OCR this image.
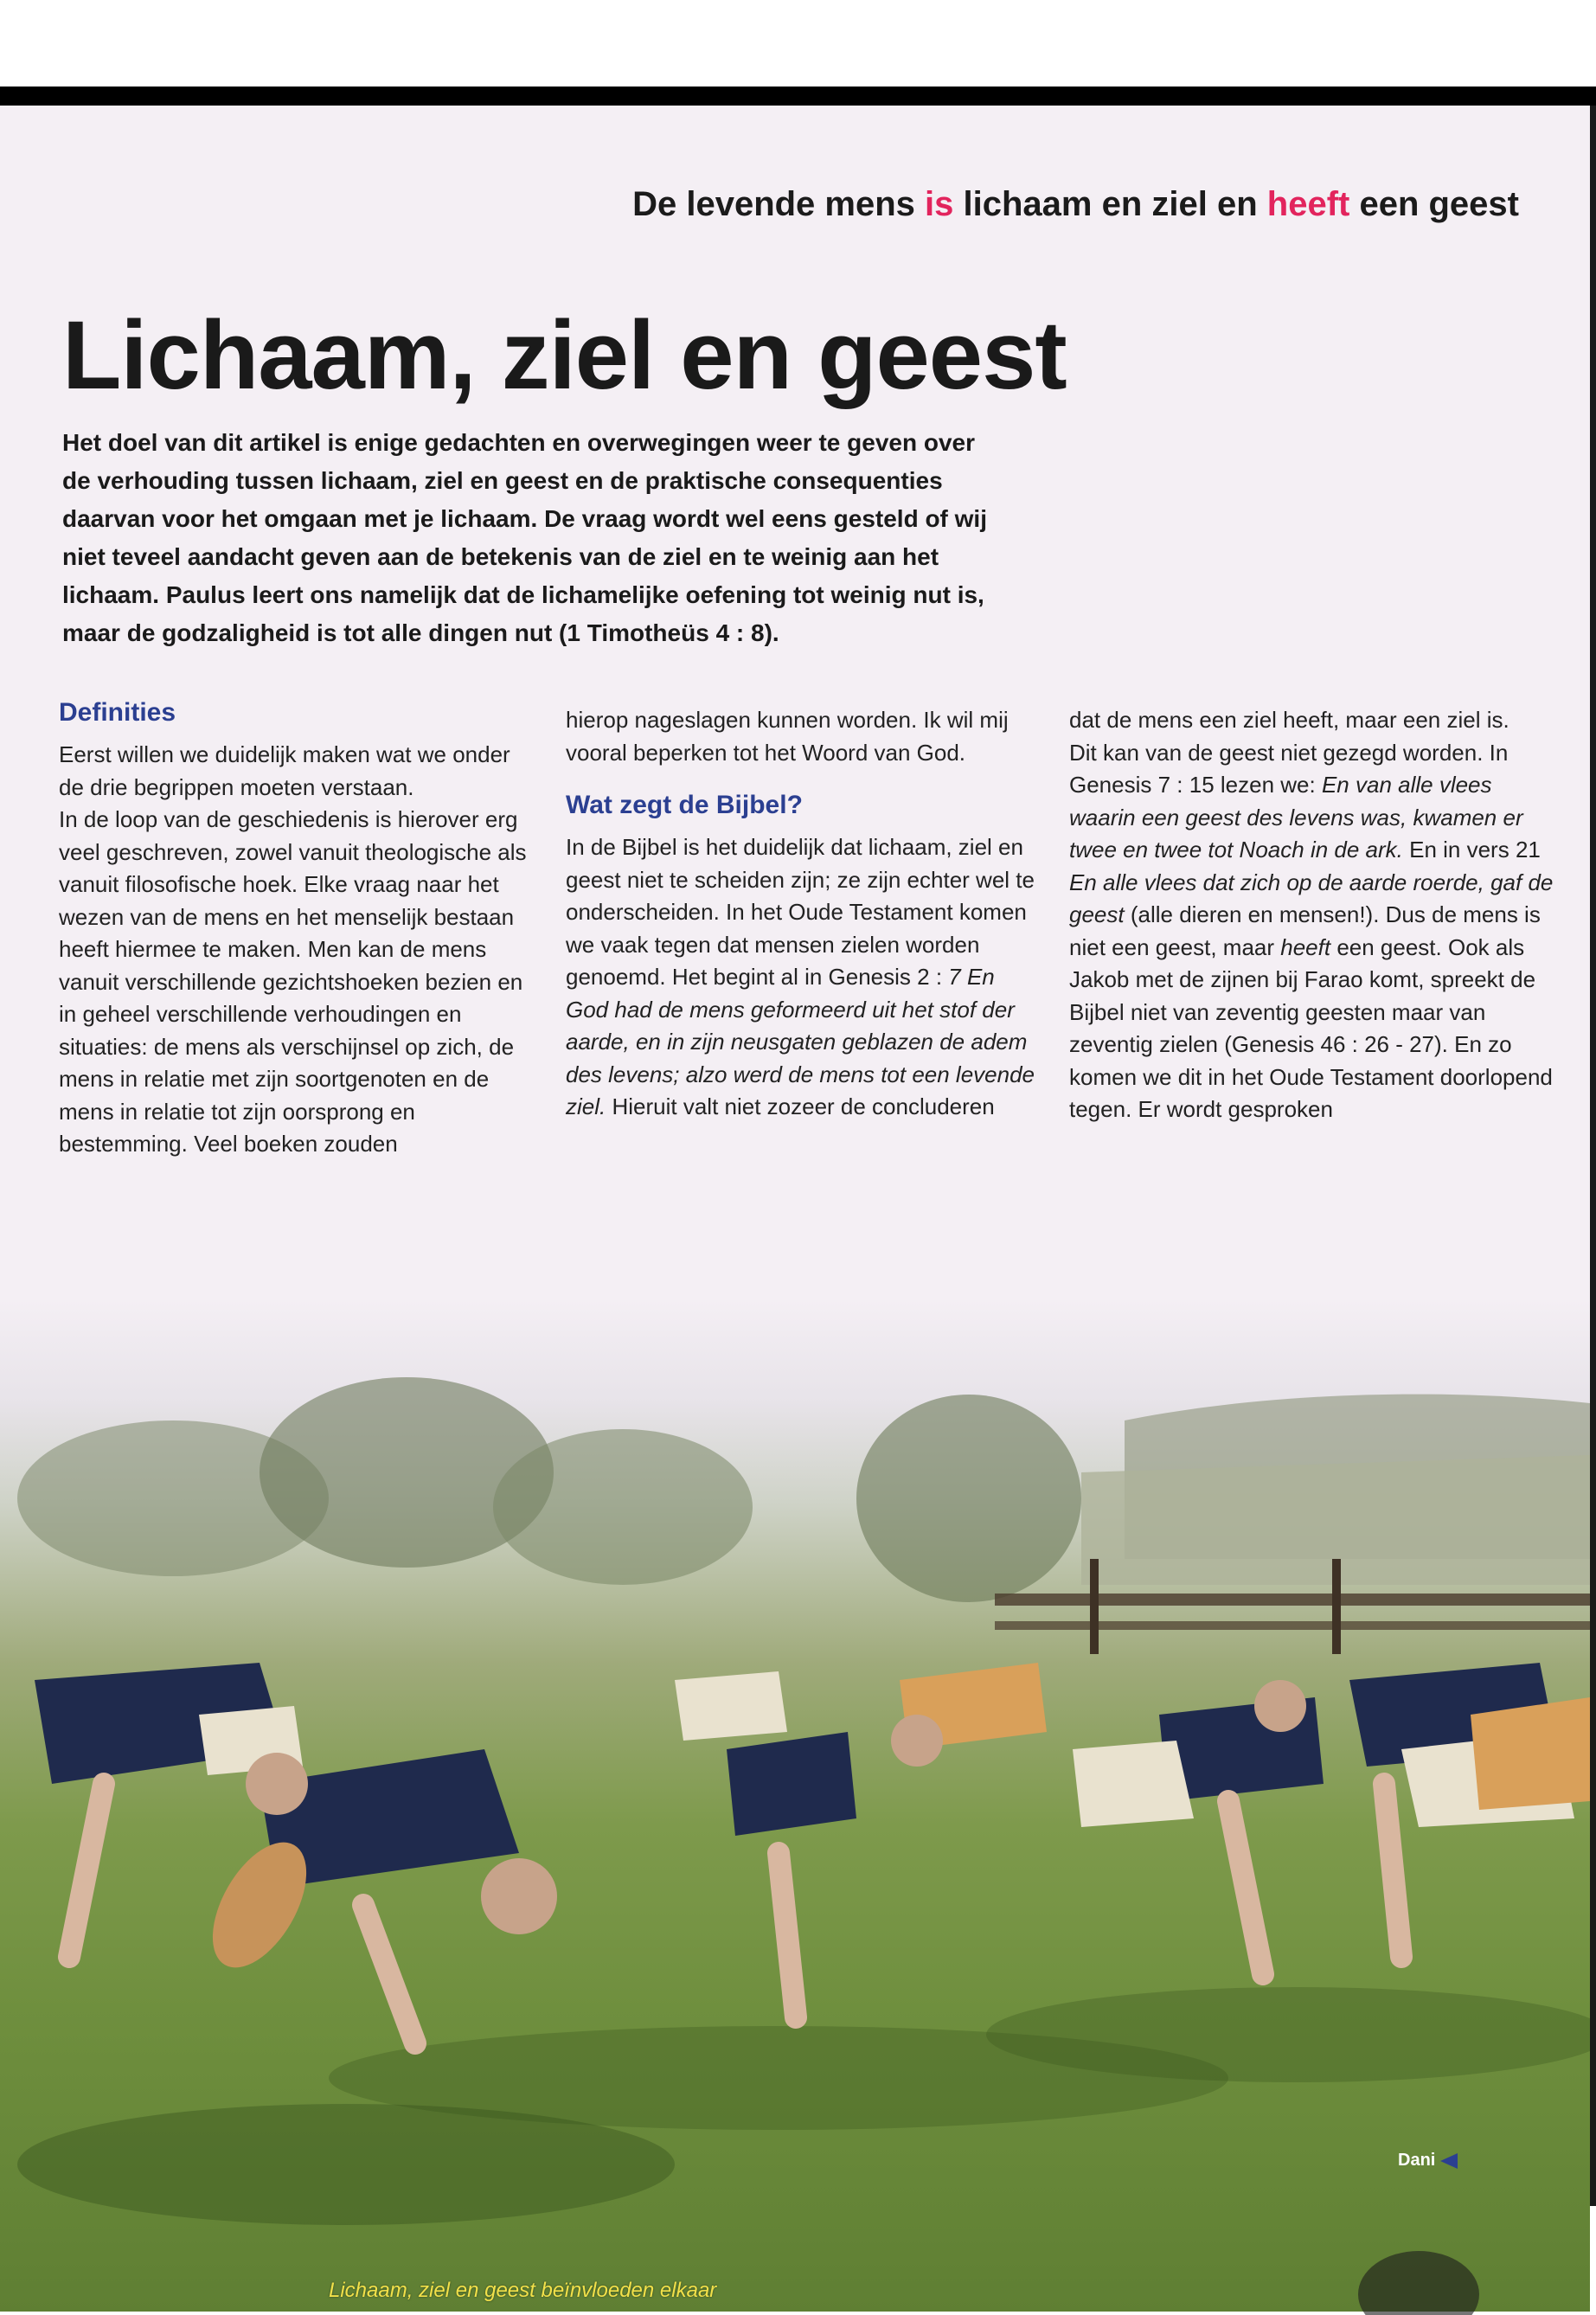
De levende mens is lichaam en ziel en heeft een geest
Lichaam, ziel en geest

Het doel van dit artikel is enige gedachten en overwegingen weer te geven over de verhouding tussen lichaam, ziel en geest en de praktische consequenties daarvan voor het omgaan met je lichaam. De vraag wordt wel eens gesteld of wij niet teveel aandacht geven aan de betekenis van de ziel en te weinig aan het lichaam. Paulus leert ons namelijk dat de lichamelijke oefening tot weinig nut is, maar de godzaligheid is tot alle dingen nut (1 Timotheüs 4 : 8).

Definities

Eerst willen we duidelijk maken wat we onder de drie begrippen moeten verstaan.

In de loop van de geschiedenis is hierover erg veel geschreven, zowel vanuit theologische als vanuit filosofische hoek. Elke vraag naar het wezen van de mens en het menselijk bestaan heeft hiermee te maken. Men kan de mens vanuit verschillende gezichtshoeken bezien en in geheel verschillende verhoudingen en situaties: de mens als verschijnsel op zich, de mens in relatie met zijn soortgenoten en de mens in relatie tot zijn oorsprong en bestemming. Veel boeken zouden

hierop nageslagen kunnen worden. Ik wil mij vooral beperken tot het Woord van God.

Wat zegt de Bijbel?

In de Bijbel is het duidelijk dat lichaam, ziel en geest niet te scheiden zijn; ze zijn echter wel te onderscheiden. In het Oude Testament komen we vaak tegen dat mensen zielen worden genoemd. Het begint al in Genesis 2 : 7 En God had de mens geformeerd uit het stof der aarde, en in zijn neusgaten geblazen de adem des levens; alzo werd de mens tot een levende ziel. Hieruit valt niet zozeer de concluderen

dat de mens een ziel heeft, maar een ziel is.

Dit kan van de geest niet gezegd worden. In Genesis 7 : 15 lezen we: En van alle vlees waarin een geest des levens was, kwamen er twee en twee tot Noach in de ark. En in vers 21 En alle vlees dat zich op de aarde roerde, gaf de geest (alle dieren en mensen!). Dus de mens is niet een geest, maar heeft een geest. Ook als Jakob met de zijnen bij Farao komt, spreekt de Bijbel niet van zeventig geesten maar van zeventig zielen (Genesis 46 : 26 - 27). En zo komen we dit in het Oude Testament doorlopend tegen. Er wordt gesproken

Lichaam, ziel en geest beïnvloeden elkaar
Dani
